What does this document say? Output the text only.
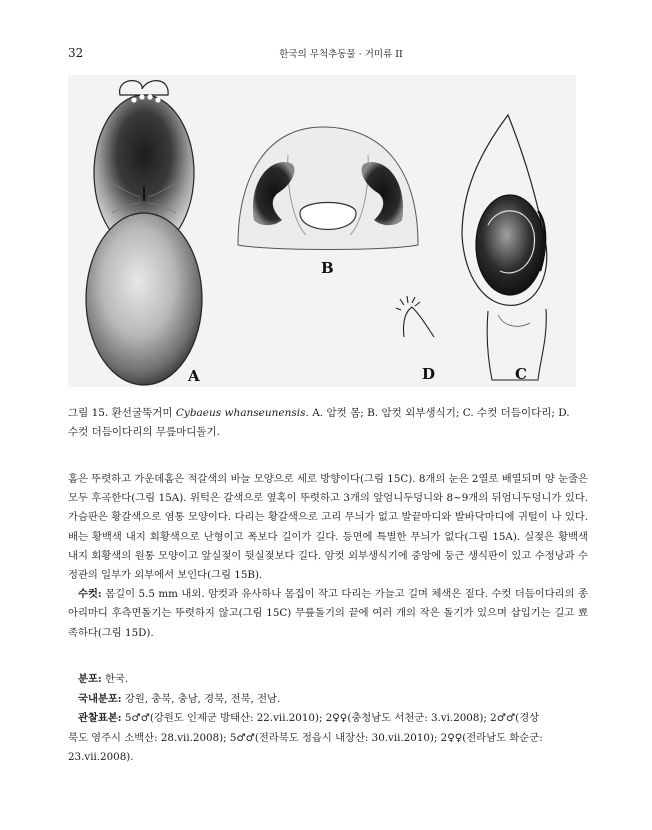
32	한국의 무척추동물 · 거미류 II
A
B
C
D
그림 15. 환선굴뚝거미 Cybaeus whanseunensis. A. 암컷 몸; B. 암컷 외부생식기; C. 수컷 더듬이다리; D.
수컷 더듬이다리의 무릎마디돌기.

홈은 뚜렷하고 가운데홈은 적갈색의 바늘 모양으로 세로 방향이다(그림 15C). 8개의 눈은 2열로 배열되며 양 눈줄은 모두 후곡한다(그림 15A). 위턱은 갈색으로 옆혹이 뚜렷하고 3개의 앞엄니두덩니와 8~9개의 뒤엄니두덩니가 있다. 가슴판은 황갈색으로 염통 모양이다. 다리는 황갈색으로 고리 무늬가 없고 발끝마디와 발바닥마디에 귀털이 나 있다. 배는 황백색 내지 회황색으로 난형이고 폭보다 길이가 길다. 등면에 특별한 무늬가 없다(그림 15A). 실젖은 황백색 내지 회황색의 원통 모양이고 앞실젖이 뒷실젖보다 길다. 암컷 외부생식기에 중앙에 둥근 생식판이 있고 수정낭과 수정관의 일부가 외부에서 보인다(그림 15B).

수컷: 몸길이 5.5 mm 내외. 암컷과 유사하나 몸집이 작고 다리는 가늘고 길며 체색은 짙다. 수컷 더듬이다리의 종아리마디 후측면돌기는 뚜렷하지 않고(그림 15C) 무릎돌기의 끝에 여러 개의 작은 돌기가 있으며 삽입기는 길고 뾰족하다(그림 15D).

분포: 한국.

국내분포: 강원, 충북, 충남, 경북, 전북, 전남.

관찰표본: 5♂♂(강원도 인제군 방태산: 22.vii.2010); 2♀♀(충청남도 서천군: 3.vi.2008); 2♂♂(경상

북도 영주시 소백산: 28.vii.2008); 5♂♂(전라북도 정읍시 내장산: 30.vii.2010); 2♀♀(전라남도 화순군:

23.vii.2008).
